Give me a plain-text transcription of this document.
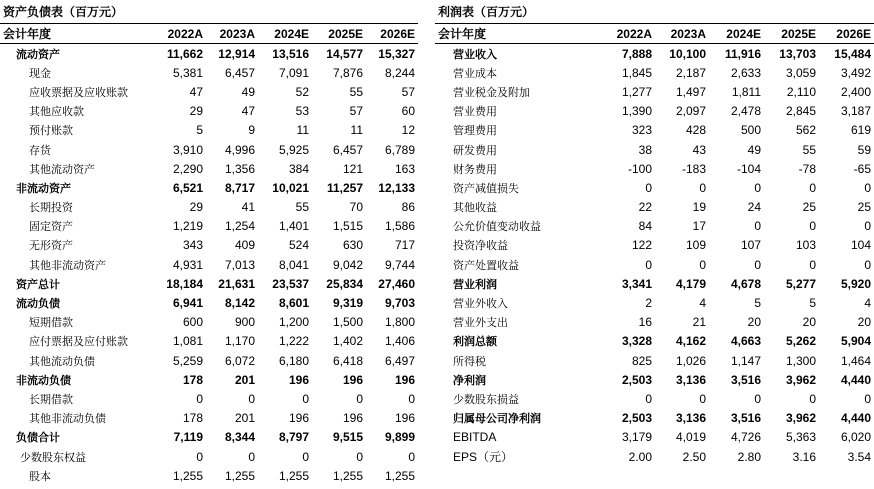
资产负债表（百万元）
会计年度	2022A	2023A	2024E	2025E	2026E
流动资产	11,662	12,914	13,516	14,577	15,327
现金	5,381	6,457	7,091	7,876	8,244
应收票据及应收账款	47	49	52	55	57
其他应收款	29	47	53	57	60
预付账款	5	9	11	11	12
存货	3,910	4,996	5,925	6,457	6,789
其他流动资产	2,290	1,356	384	121	163
非流动资产	6,521	8,717	10,021	11,257	12,133
长期投资	29	41	55	70	86
固定资产	1,219	1,254	1,401	1,515	1,586
无形资产	343	409	524	630	717
其他非流动资产	4,931	7,013	8,041	9,042	9,744
资产总计	18,184	21,631	23,537	25,834	27,460
流动负债	6,941	8,142	8,601	9,319	9,703
短期借款	600	900	1,200	1,500	1,800
应付票据及应付账款	1,081	1,170	1,222	1,402	1,406
其他流动负债	5,259	6,072	6,180	6,418	6,497
非流动负债	178	201	196	196	196
长期借款	0	0	0	0	0
其他非流动负债	178	201	196	196	196
负债合计	7,119	8,344	8,797	9,515	9,899
少数股东权益	0	0	0	0	0
股本	1,255	1,255	1,255	1,255	1,255
利润表（百万元）
会计年度	2022A	2023A	2024E	2025E	2026E
营业收入	7,888	10,100	11,916	13,703	15,484
营业成本	1,845	2,187	2,633	3,059	3,492
营业税金及附加	1,277	1,497	1,811	2,110	2,400
营业费用	1,390	2,097	2,478	2,845	3,187
管理费用	323	428	500	562	619
研发费用	38	43	49	55	59
财务费用	-100	-183	-104	-78	-65
资产减值损失	0	0	0	0	0
其他收益	22	19	24	25	25
公允价值变动收益	84	17	0	0	0
投资净收益	122	109	107	103	104
资产处置收益	0	0	0	0	0
营业利润	3,341	4,179	4,678	5,277	5,920
营业外收入	2	4	5	5	4
营业外支出	16	21	20	20	20
利润总额	3,328	4,162	4,663	5,262	5,904
所得税	825	1,026	1,147	1,300	1,464
净利润	2,503	3,136	3,516	3,962	4,440
少数股东损益	0	0	0	0	0
归属母公司净利润	2,503	3,136	3,516	3,962	4,440
EBITDA	3,179	4,019	4,726	5,363	6,020
EPS（元）	2.00	2.50	2.80	3.16	3.54
